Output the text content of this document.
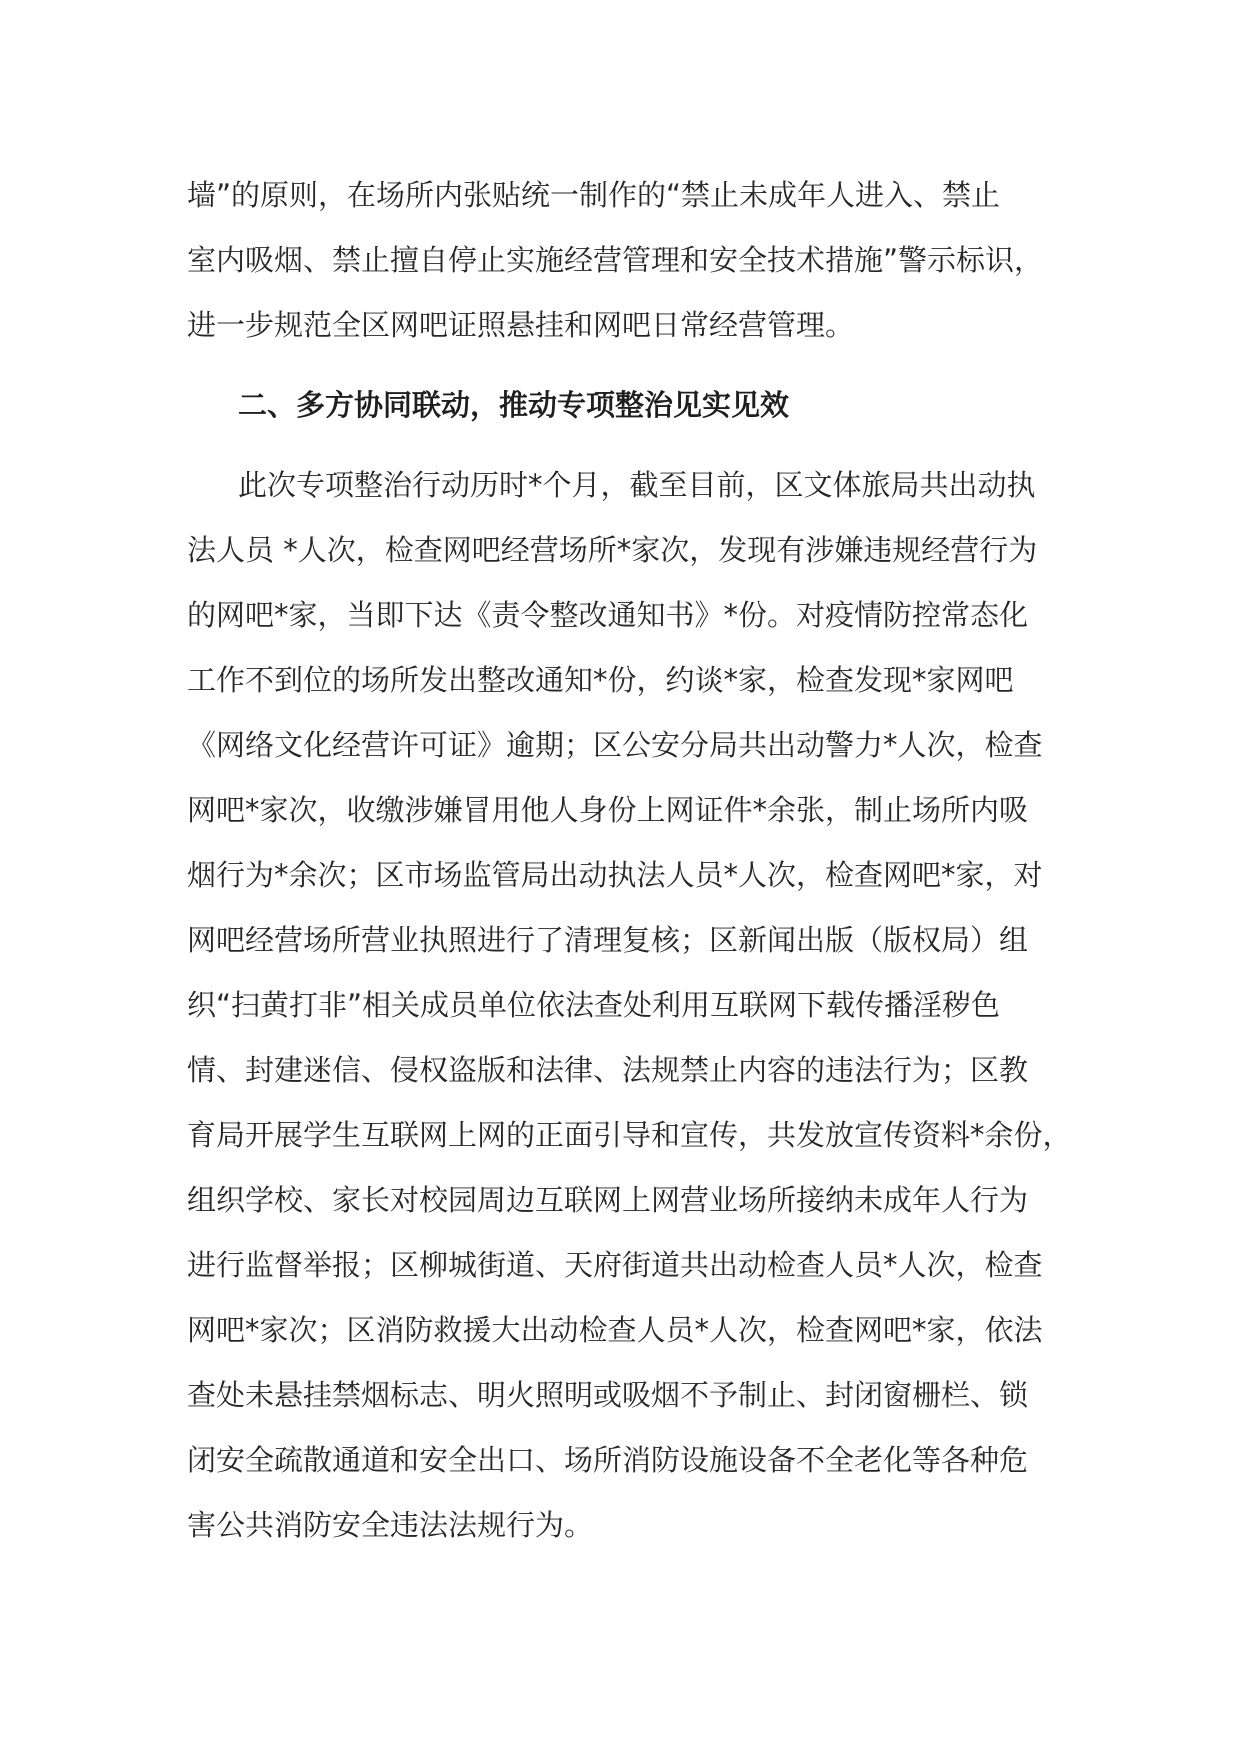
墙”的原则，在场所内张贴统一制作的“禁止未成年人进入、禁止
室内吸烟、禁止擅自停止实施经营管理和安全技术措施”警示标识，
进一步规范全区网吧证照悬挂和网吧日常经营管理。
二、多方协同联动，推动专项整治见实见效
此次专项整治行动历时*个月，截至目前，区文体旅局共出动执
法人员 *人次，检查网吧经营场所*家次，发现有涉嫌违规经营行为
的网吧*家，当即下达《责令整改通知书》*份。对疫情防控常态化
工作不到位的场所发出整改通知*份，约谈*家，检查发现*家网吧
《网络文化经营许可证》逾期；区公安分局共出动警力*人次，检查
网吧*家次，收缴涉嫌冒用他人身份上网证件*余张，制止场所内吸
烟行为*余次；区市场监管局出动执法人员*人次，检查网吧*家，对
网吧经营场所营业执照进行了清理复核；区新闻出版（版权局）组
织“扫黄打非”相关成员单位依法查处利用互联网下载传播淫秽色
情、封建迷信、侵权盗版和法律、法规禁止内容的违法行为；区教
育局开展学生互联网上网的正面引导和宣传，共发放宣传资料*余份，
组织学校、家长对校园周边互联网上网营业场所接纳未成年人行为
进行监督举报；区柳城街道、天府街道共出动检查人员*人次，检查
网吧*家次；区消防救援大出动检查人员*人次，检查网吧*家，依法
查处未悬挂禁烟标志、明火照明或吸烟不予制止、封闭窗栅栏、锁
闭安全疏散通道和安全出口、场所消防设施设备不全老化等各种危
害公共消防安全违法法规行为。
